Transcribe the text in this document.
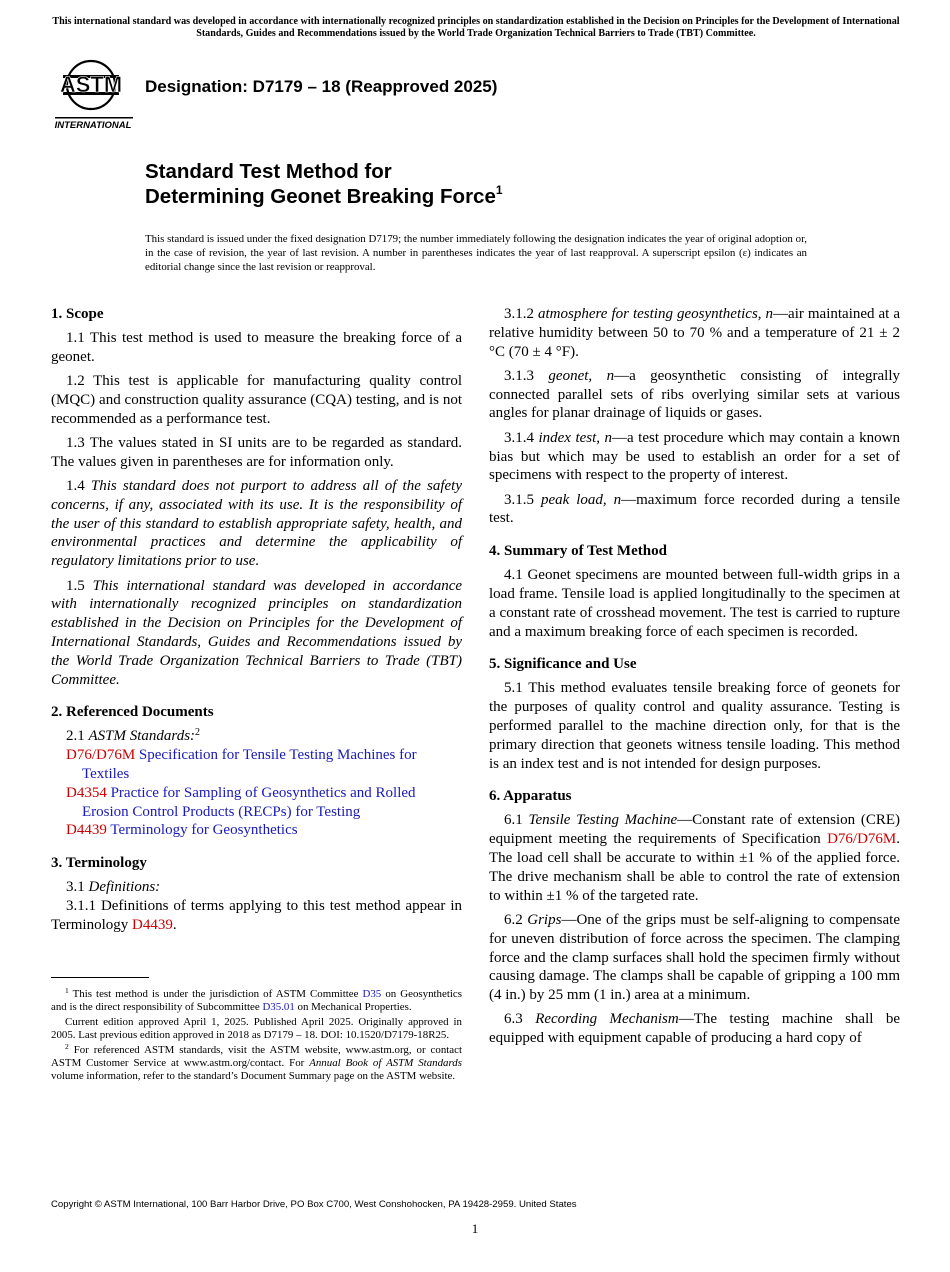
This international standard was developed in accordance with internationally recognized principles on standardization established in the Decision on Principles for the Development of International Standards, Guides and Recommendations issued by the World Trade Organization Technical Barriers to Trade (TBT) Committee.
ASTM
INTERNATIONAL
Designation: D7179 – 18 (Reapproved 2025)
Standard Test Method for
Determining Geonet Breaking Force$^1$
This standard is issued under the fixed designation D7179; the number immediately following the designation indicates the year of original adoption or, in the case of revision, the year of last revision. A number in parentheses indicates the year of last reapproval. A superscript epsilon (ε) indicates an editorial change since the last revision or reapproval.
1. Scope

1.1 This test method is used to measure the breaking force of a geonet.

1.2 This test is applicable for manufacturing quality control (MQC) and construction quality assurance (CQA) testing, and is not recommended as a performance test.

1.3 The values stated in SI units are to be regarded as standard. The values given in parentheses are for information only.

1.4 This standard does not purport to address all of the safety concerns, if any, associated with its use. It is the responsibility of the user of this standard to establish appropriate safety, health, and environmental practices and determine the applicability of regulatory limitations prior to use.

1.5 This international standard was developed in accordance with internationally recognized principles on standardization established in the Decision on Principles for the Development of International Standards, Guides and Recommendations issued by the World Trade Organization Technical Barriers to Trade (TBT) Committee.

2. Referenced Documents

2.1 ASTM Standards:$^2$

D76/D76M Specification for Tensile Testing Machines for Textiles
D4354 Practice for Sampling of Geosynthetics and Rolled Erosion Control Products (RECPs) for Testing
D4439 Terminology for Geosynthetics
3. Terminology

3.1 Definitions:

3.1.1 Definitions of terms applying to this test method appear in Terminology D4439.

3.1.2 atmosphere for testing geosynthetics, n—air maintained at a relative humidity between 50 to 70 % and a temperature of 21 ± 2 °C (70 ± 4 °F).

3.1.3 geonet, n—a geosynthetic consisting of integrally connected parallel sets of ribs overlying similar sets at various angles for planar drainage of liquids or gases.

3.1.4 index test, n—a test procedure which may contain a known bias but which may be used to establish an order for a set of specimens with respect to the property of interest.

3.1.5 peak load, n—maximum force recorded during a tensile test.

4. Summary of Test Method

4.1 Geonet specimens are mounted between full-width grips in a load frame. Tensile load is applied longitudinally to the specimen at a constant rate of crosshead movement. The test is carried to rupture and a maximum breaking force of each specimen is recorded.

5. Significance and Use

5.1 This method evaluates tensile breaking force of geonets for the purposes of quality control and quality assurance. Testing is performed parallel to the machine direction only, for that is the primary direction that geonets witness tensile loading. This method is an index test and is not intended for design purposes.

6. Apparatus

6.1 Tensile Testing Machine—Constant rate of extension (CRE) equipment meeting the requirements of Specification D76/D76M. The load cell shall be accurate to within ±1 % of the applied force. The drive mechanism shall be able to control the rate of extension to within ±1 % of the targeted rate.

6.2 Grips—One of the grips must be self-aligning to compensate for uneven distribution of force across the specimen. The clamping force and the clamp surfaces shall hold the specimen firmly without causing damage. The clamps shall be capable of gripping a 100 mm (4 in.) by 25 mm (1 in.) area at a minimum.

6.3 Recording Mechanism—The testing machine shall be equipped with equipment capable of producing a hard copy of

$^1$ This test method is under the jurisdiction of ASTM Committee D35 on Geosynthetics and is the direct responsibility of Subcommittee D35.01 on Mechanical Properties.

Current edition approved April 1, 2025. Published April 2025. Originally approved in 2005. Last previous edition approved in 2018 as D7179 – 18. DOI: 10.1520/D7179-18R25.

$^2$ For referenced ASTM standards, visit the ASTM website, www.astm.org, or contact ASTM Customer Service at www.astm.org/contact. For Annual Book of ASTM Standards volume information, refer to the standard’s Document Summary page on the ASTM website.

Copyright © ASTM International, 100 Barr Harbor Drive, PO Box C700, West Conshohocken, PA 19428-2959. United States
1
